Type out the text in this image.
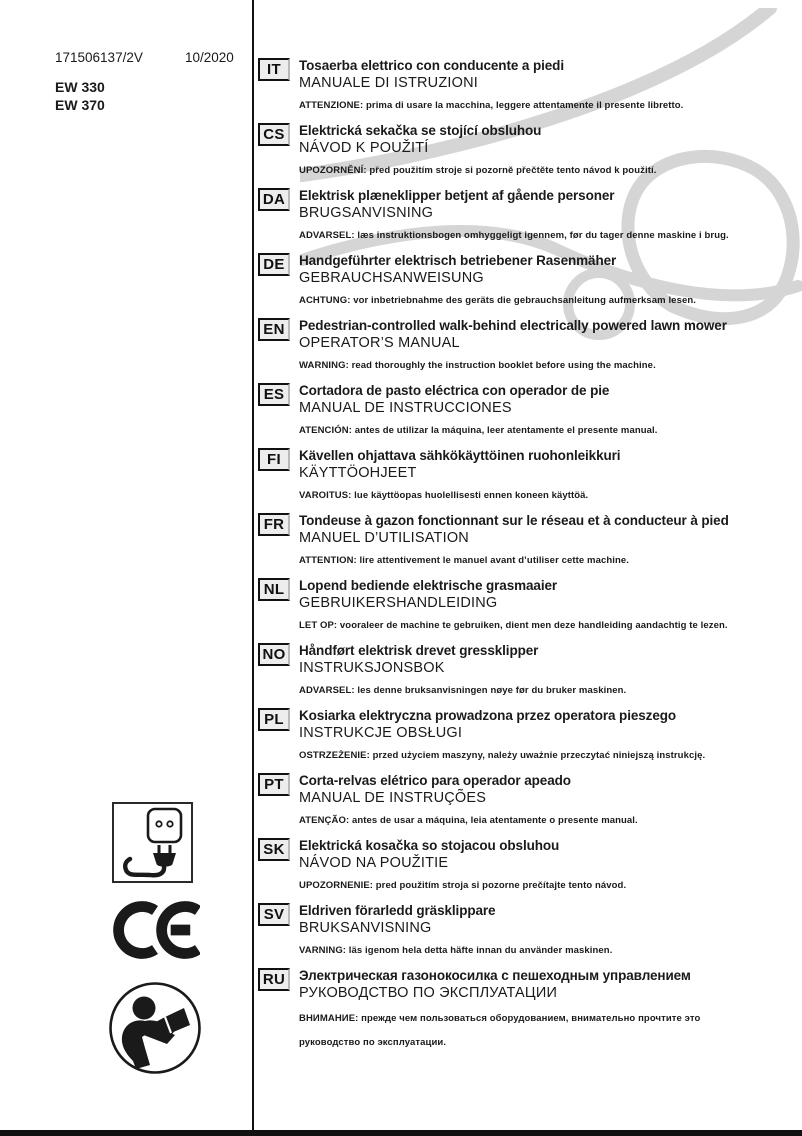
171506137/2V	10/2020
EW 330
EW 370
IT	Tosaerba elettrico con conducente a piedi
MANUALE DI ISTRUZIONI
ATTENZIONE: prima di usare la macchina, leggere attentamente il presente libretto.
CS	Elektrická sekačka se stojící obsluhou
NÁVOD K POUŽITÍ
UPOZORNĚNÍ: před použitím stroje si pozorně přečtěte tento návod k použití.
DA	Elektrisk plæneklipper betjent af gående personer
BRUGSANVISNING
ADVARSEL: læs instruktionsbogen omhyggeligt igennem, før du tager denne maskine i brug.
DE	Handgeführter elektrisch betriebener Rasenmäher
GEBRAUCHSANWEISUNG
ACHTUNG: vor inbetriebnahme des geräts die gebrauchsanleitung aufmerksam lesen.
EN	Pedestrian-controlled walk-behind electrically powered lawn mower
OPERATOR’S MANUAL
WARNING: read thoroughly the instruction booklet before using the machine.
ES	Cortadora de pasto eléctrica con operador de pie
MANUAL DE INSTRUCCIONES
ATENCIÓN: antes de utilizar la máquina, leer atentamente el presente manual.
FI	Kävellen ohjattava sähkökäyttöinen ruohonleikkuri
KÄYTTÖOHJEET
VAROITUS: lue käyttöopas huolellisesti ennen koneen käyttöä.
FR	Tondeuse à gazon fonctionnant sur le réseau et à conducteur à pied
MANUEL D’UTILISATION
ATTENTION: lire attentivement le manuel avant d’utiliser cette machine.
NL	Lopend bediende elektrische grasmaaier
GEBRUIKERSHANDLEIDING
LET OP: vooraleer de machine te gebruiken, dient men deze handleiding aandachtig te lezen.
NO Håndført elektrisk drevet gressklipper
INSTRUKSJONSBOK
ADVARSEL: les denne bruksanvisningen nøye før du bruker maskinen.
PL	Kosiarka elektryczna prowadzona przez operatora pieszego
INSTRUKCJE OBSŁUGI
OSTRZEŻENIE: przed użyciem maszyny, należy uważnie przeczytać niniejszą instrukcję.
PT	Corta-relvas elétrico para operador apeado
MANUAL DE INSTRUÇÕES
ATENÇÃO: antes de usar a máquina, leia atentamente o presente manual.
SK	Elektrická kosačka so stojacou obsluhou
NÁVOD NA POUŽITIE
UPOZORNENIE: pred použitím stroja si pozorne prečítajte tento návod.
SV	Eldriven förarledd gräsklippare
BRUKSANVISNING
VARNING: läs igenom hela detta häfte innan du använder maskinen.
RU	Электрическая газонокосилка с пешеходным управлением
РУКОВОДСТВО ПО ЭКСПЛУАТАЦИИ
ВНИМАНИЕ: прежде чем пользоваться оборудованием, внимательно прочтите это руководство по эксплуатации.
